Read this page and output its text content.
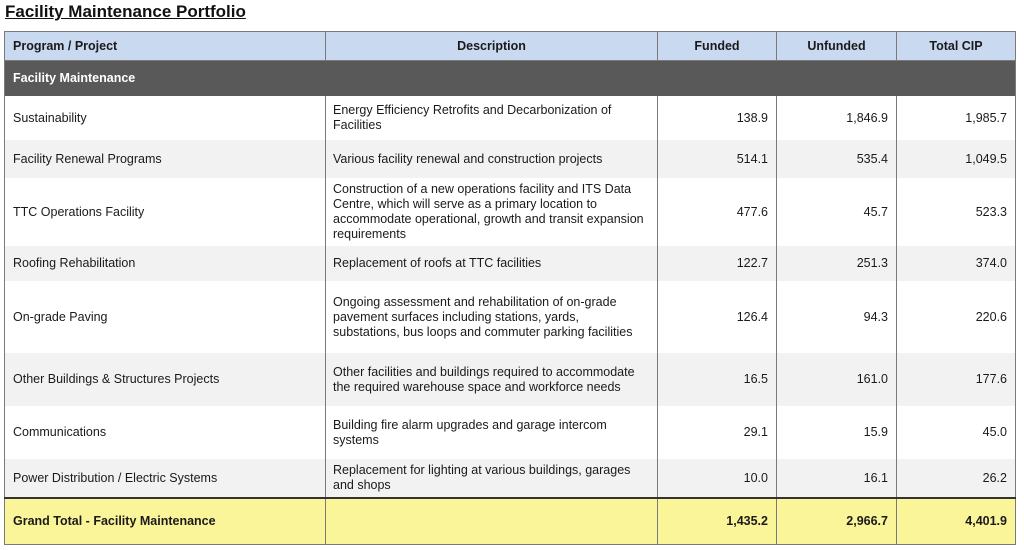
Facility Maintenance Portfolio
Program / Project	Description	Funded	Unfunded	Total CIP
Facility Maintenance				
Sustainability	Energy Efficiency Retrofits and Decarbonization of Facilities	138.9	1,846.9	1,985.7
Facility Renewal Programs	Various facility renewal and construction projects	514.1	535.4	1,049.5
TTC Operations Facility	Construction of a new operations facility and ITS Data Centre, which will serve as a primary location to accommodate operational, growth and transit expansion requirements	477.6	45.7	523.3
Roofing Rehabilitation	Replacement of roofs at TTC facilities	122.7	251.3	374.0
On-grade Paving	Ongoing assessment and rehabilitation of on-grade pavement surfaces including stations, yards, substations, bus loops and commuter parking facilities	126.4	94.3	220.6
Other Buildings & Structures Projects	Other facilities and buildings required to accommodate the required warehouse space and workforce needs	16.5	161.0	177.6
Communications	Building fire alarm upgrades and garage intercom systems	29.1	15.9	45.0
Power Distribution / Electric Systems	Replacement for lighting at various buildings, garages and shops	10.0	16.1	26.2
Grand Total - Facility Maintenance		1,435.2	2,966.7	4,401.9
